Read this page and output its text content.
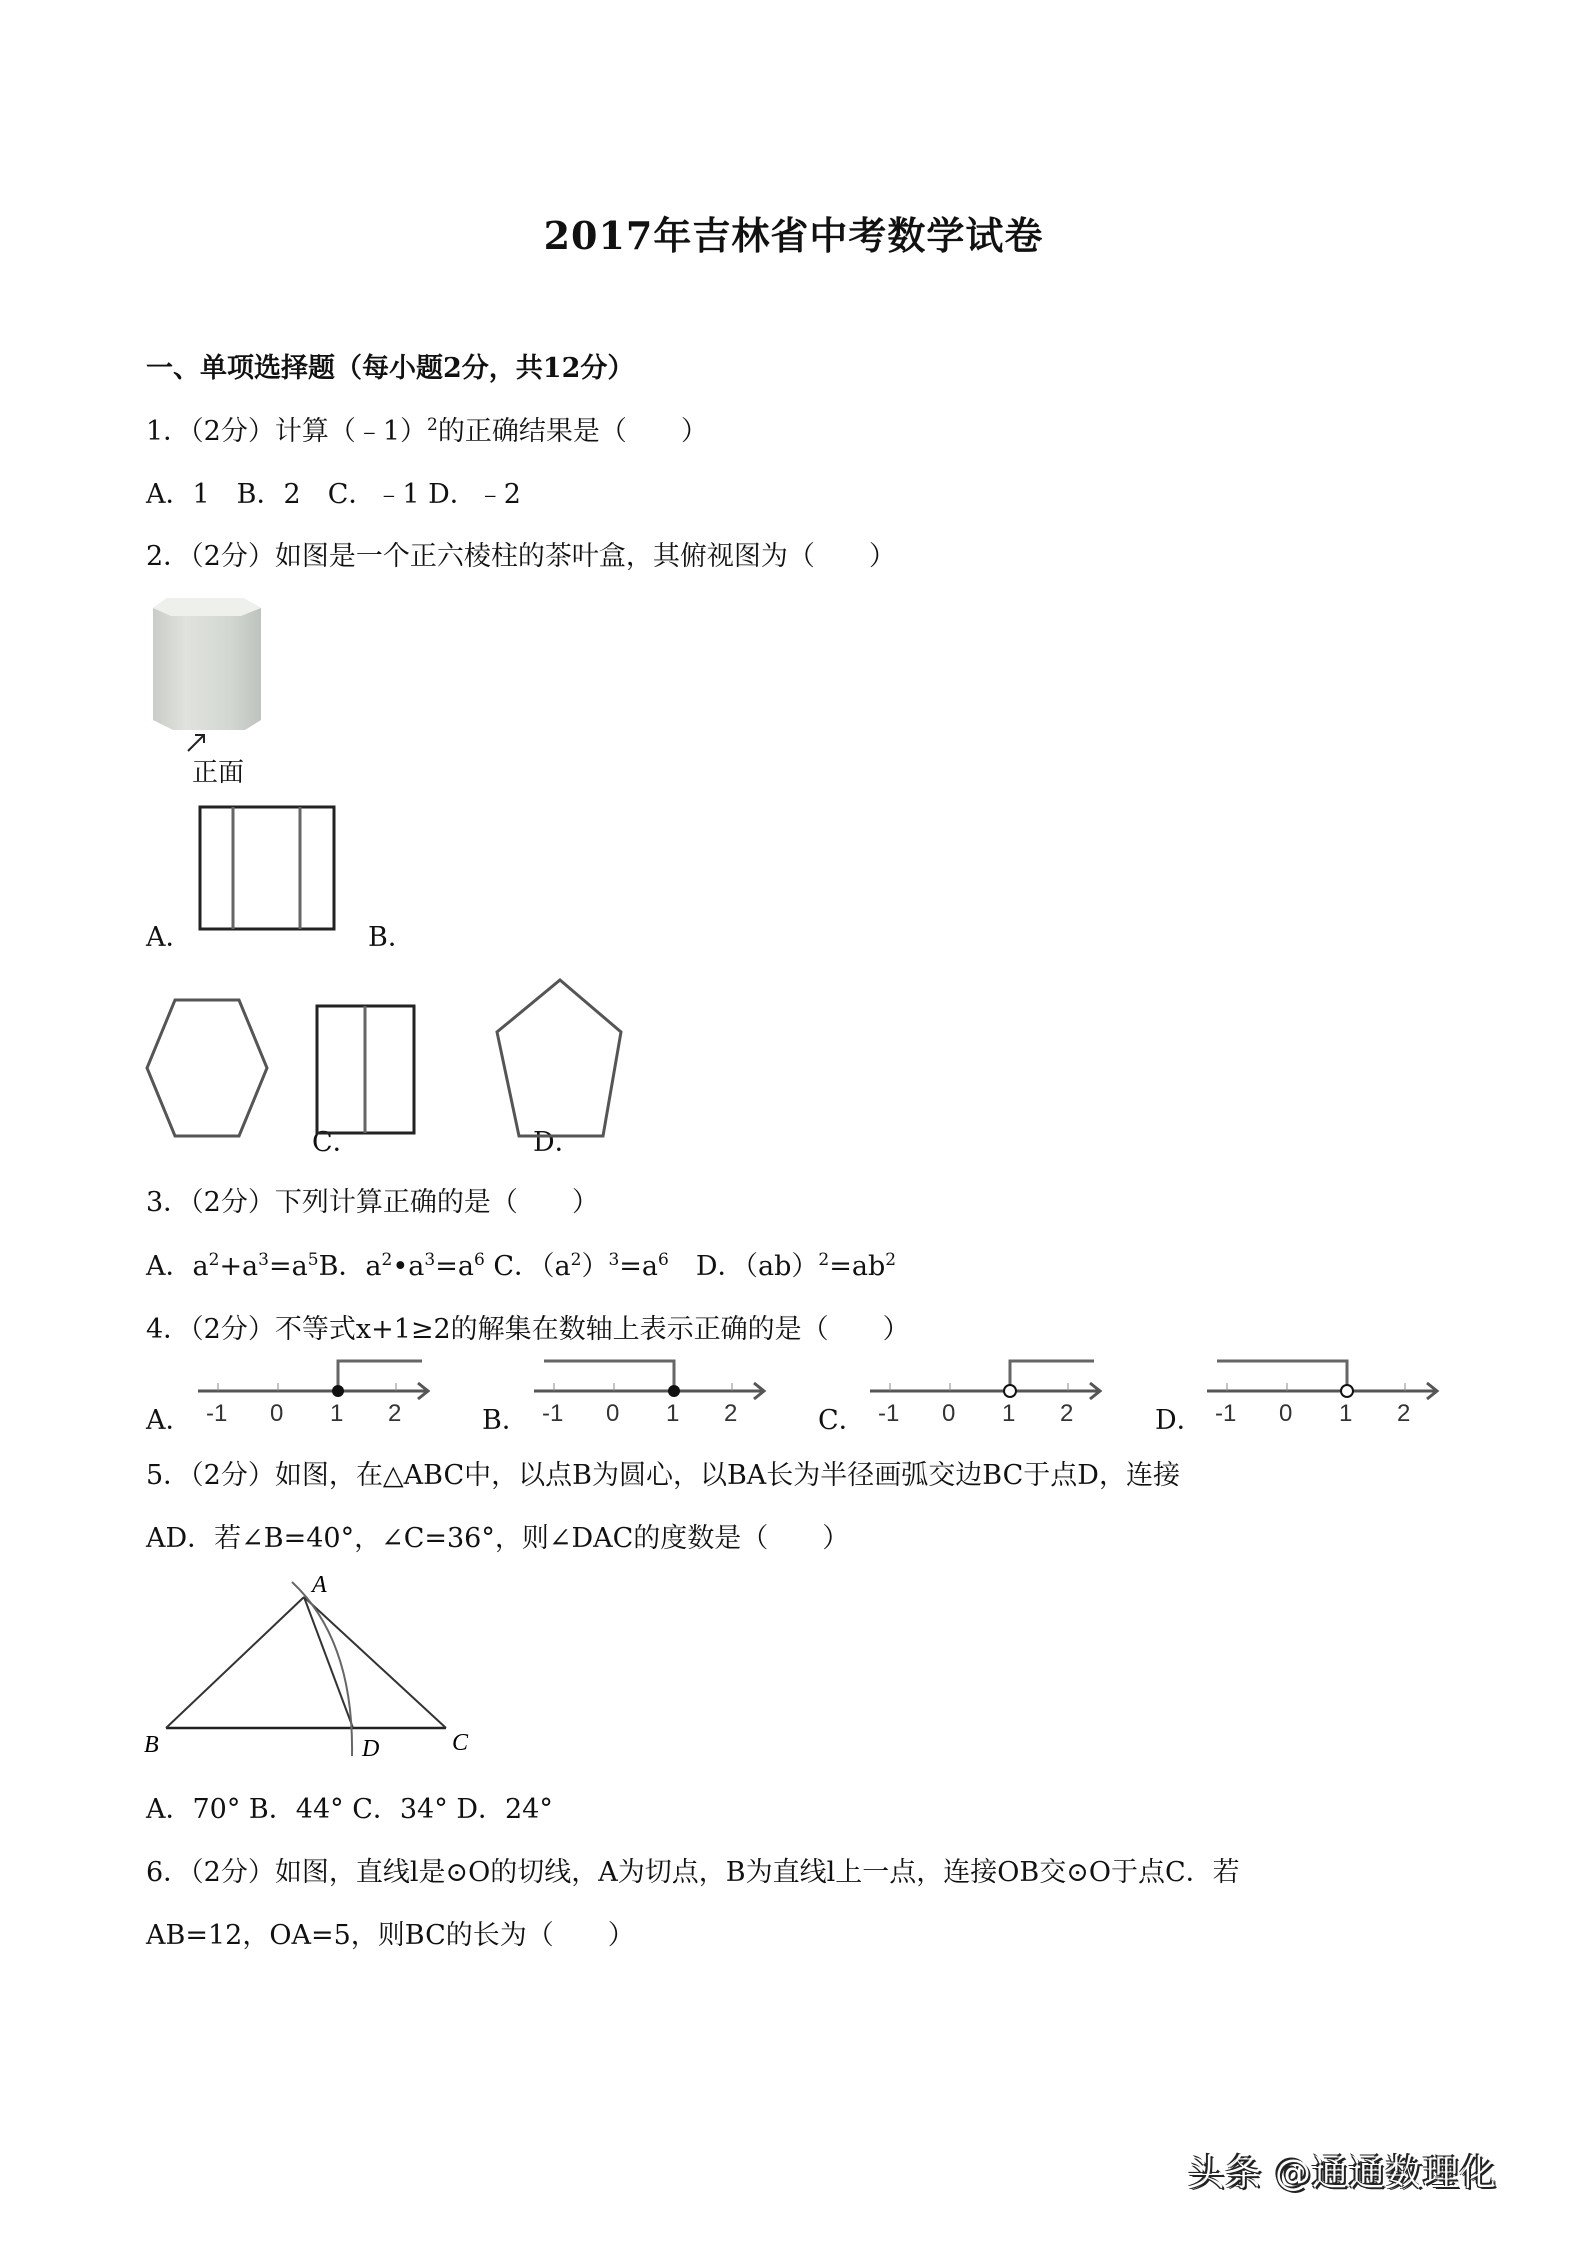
2017年吉林省中考数学试卷
一、单项选择题（每小题2分，共12分）
1．（2分）计算（﹣1）$^2$的正确结果是（　　）
A．1　B．2　C．﹣1 D．﹣2
2．（2分）如图是一个正六棱柱的茶叶盒，其俯视图为（　　）
正面
A．	B．
C．	D．
3．（2分）下列计算正确的是（　　）
A．$a^2+a^3=a^5B$．$a^2•a^3=a^6$ C．$(a^2)^3=a^6$　 D．$(ab)^2=ab^2$
4．（2分）不等式x+1≥2的解集在数轴上表示正确的是（　　）
A． -1 0 1 2	B． -1 0 1 2	C． -1 0 1 2	D． -1 0 1 2
5．（2分）如图，在△ABC中，以点B为圆心，以BA长为半径画弧交边BC于点D，连接
AD．若∠B=40°，∠C=36°，则∠DAC的度数是（　　）
A
B	C
D
A．70° B．44° C．34° D．24°
6．（2分）如图，直线l是⊙O的切线，A为切点，B为直线l上一点，连接OB交⊙O于点C．若
AB=12，OA=5，则BC的长为（　　）
头条 @通通数理化
